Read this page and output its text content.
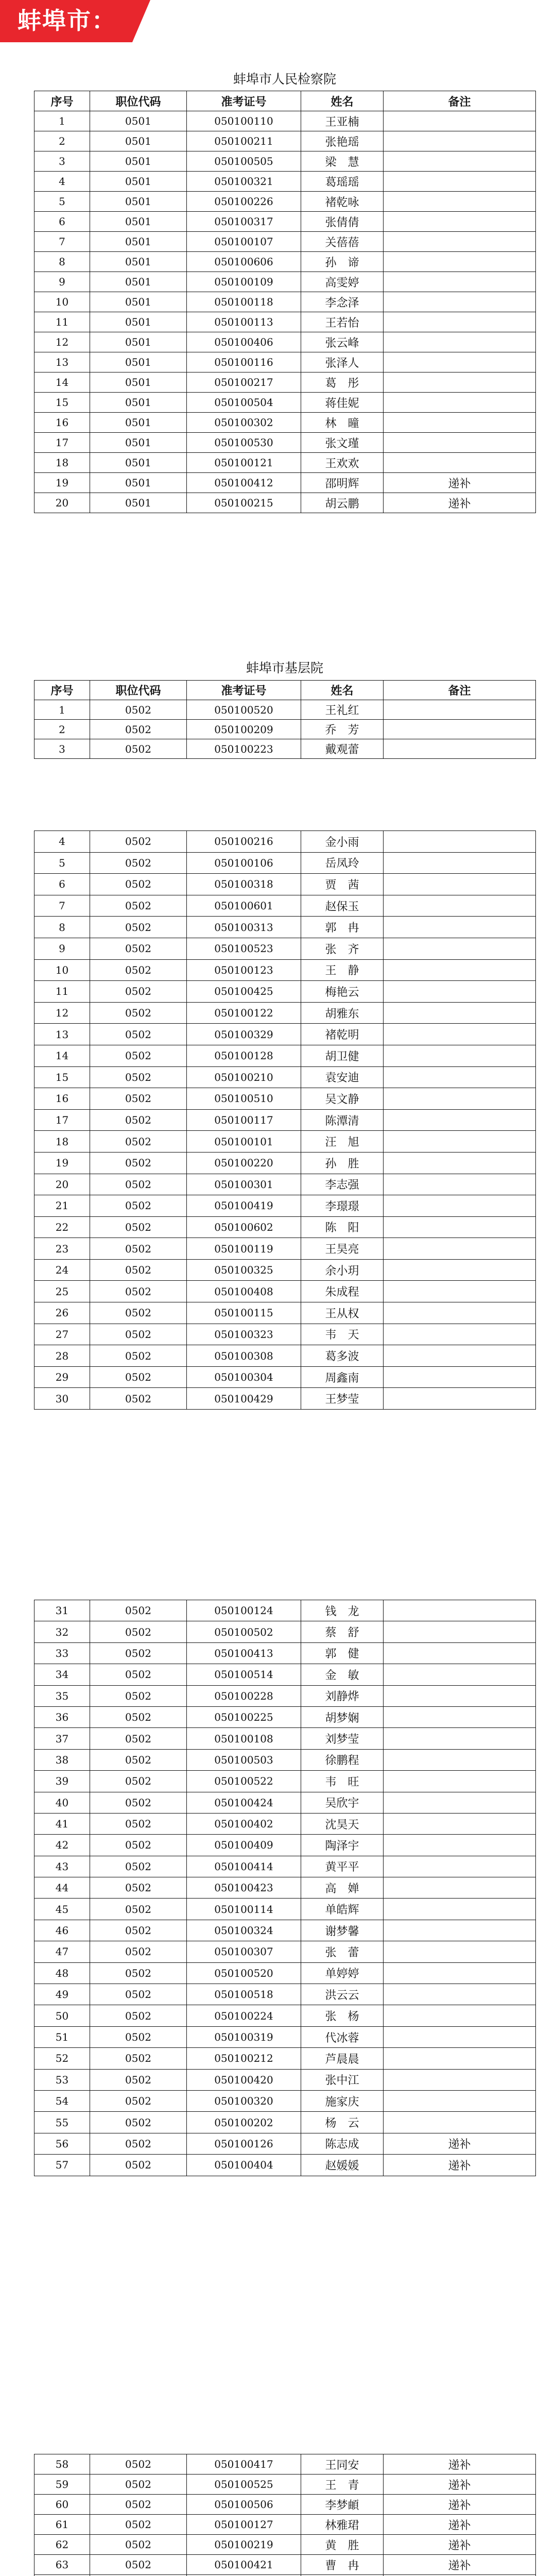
蚌埠市：
蚌埠市人民检察院
序号	职位代码	准考证号	姓名	备注
1	0501	050100110	王亚楠	
2	0501	050100211	张艳瑶	
3	0501	050100505	梁　慧	
4	0501	050100321	葛瑶瑶	
5	0501	050100226	褚乾咏	
6	0501	050100317	张倩倩	
7	0501	050100107	关蓓蓓	
8	0501	050100606	孙　谛	
9	0501	050100109	高雯婷	
10	0501	050100118	李念泽	
11	0501	050100113	王若怡	
12	0501	050100406	张云峰	
13	0501	050100116	张泽人	
14	0501	050100217	葛　彤	
15	0501	050100504	蒋佳妮	
16	0501	050100302	林　曈	
17	0501	050100530	张文瑾	
18	0501	050100121	王欢欢	
19	0501	050100412	邵明辉	递补
20	0501	050100215	胡云鹏	递补
蚌埠市基层院
序号	职位代码	准考证号	姓名	备注
1	0502	050100520	王礼红	
2	0502	050100209	乔　芳	
3	0502	050100223	戴观蕾	
4	0502	050100216	金小雨	
5	0502	050100106	岳凤玲	
6	0502	050100318	贾　茜	
7	0502	050100601	赵保玉	
8	0502	050100313	郭　冉	
9	0502	050100523	张　齐	
10	0502	050100123	王　静	
11	0502	050100425	梅艳云	
12	0502	050100122	胡雅东	
13	0502	050100329	褚乾明	
14	0502	050100128	胡卫健	
15	0502	050100210	袁安迪	
16	0502	050100510	吴文静	
17	0502	050100117	陈潭清	
18	0502	050100101	汪　旭	
19	0502	050100220	孙　胜	
20	0502	050100301	李志强	
21	0502	050100419	李璟璟	
22	0502	050100602	陈　阳	
23	0502	050100119	王昊亮	
24	0502	050100325	余小玥	
25	0502	050100408	朱成程	
26	0502	050100115	王从权	
27	0502	050100323	韦　天	
28	0502	050100308	葛多波	
29	0502	050100304	周鑫南	
30	0502	050100429	王梦莹	
31	0502	050100124	钱　龙	
32	0502	050100502	蔡　舒	
33	0502	050100413	郭　健	
34	0502	050100514	金　敏	
35	0502	050100228	刘静烨	
36	0502	050100225	胡梦娴	
37	0502	050100108	刘梦莹	
38	0502	050100503	徐鹏程	
39	0502	050100522	韦　旺	
40	0502	050100424	吴欣宇	
41	0502	050100402	沈昊天	
42	0502	050100409	陶泽宇	
43	0502	050100414	黄平平	
44	0502	050100423	高　婵	
45	0502	050100114	单皓辉	
46	0502	050100324	谢梦馨	
47	0502	050100307	张　蕾	
48	0502	050100520	单婷婷	
49	0502	050100518	洪云云	
50	0502	050100224	张　杨	
51	0502	050100319	代冰蓉	
52	0502	050100212	芦晨晨	
53	0502	050100420	张中江	
54	0502	050100320	施家庆	
55	0502	050100202	杨　云	
56	0502	050100126	陈志成	递补
57	0502	050100404	赵媛媛	递补
58	0502	050100417	王同安	递补
59	0502	050100525	王　青	递补
60	0502	050100506	李梦頔	递补
61	0502	050100127	林雅珺	递补
62	0502	050100219	黄　胜	递补
63	0502	050100421	曹　冉	递补
